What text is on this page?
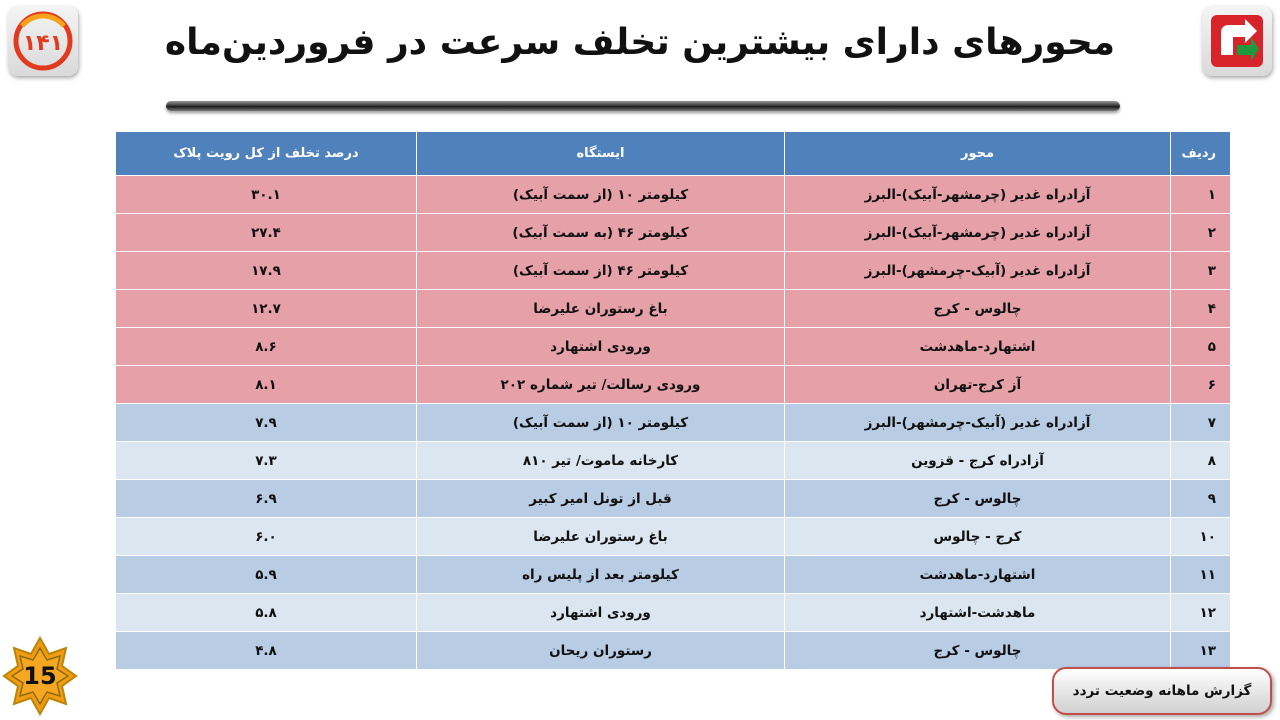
۱۴۱	محورهای دارای بیشترین تخلف سرعت در فروردین‌ماه
ردیف	محور	ایستگاه	درصد تخلف از کل رویت پلاک
۱	آزادراه غدیر (چرمشهر-آبیک)-البرز	کیلومتر ۱۰ (از سمت آبیک)	۳۰.۱
۲	آزادراه غدیر (چرمشهر-آبیک)-البرز	کیلومتر ۴۶ (به سمت آبیک)	۲۷.۴
۳	آزادراه غدیر (آبیک-چرمشهر)-البرز	کیلومتر ۴۶ (از سمت آبیک)	۱۷.۹
۴	چالوس - کرج	باغ رستوران علیرضا	۱۲.۷
۵	اشتهارد-ماهدشت	ورودی اشتهارد	۸.۶
۶	آز کرج-تهران	ورودی رسالت/ تیر شماره ۲۰۲	۸.۱
۷	آزادراه غدیر (آبیک-چرمشهر)-البرز	کیلومتر ۱۰ (از سمت آبیک)	۷.۹
۸	آزادراه کرج - قزوین	کارخانه ماموت/ تیر ۸۱۰	۷.۳
۹	چالوس - کرج	قبل از تونل امیر کبیر	۶.۹
۱۰	کرج - چالوس	باغ رستوران علیرضا	۶.۰
۱۱	اشتهارد-ماهدشت	کیلومتر بعد از پلیس راه	۵.۹
۱۲	ماهدشت-اشتهارد	ورودی اشتهارد	۵.۸
۱۳	چالوس - کرج	رستوران ریحان	۴.۸
15
گزارش ماهانه وضعیت تردد
